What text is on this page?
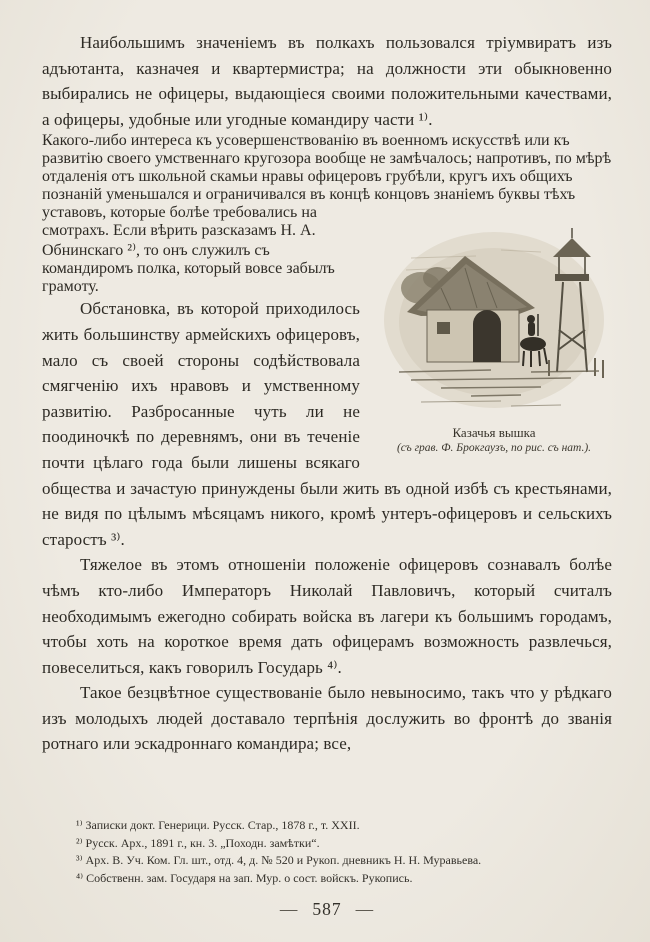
Наибольшимъ значеніемъ въ полкахъ пользовался тріумвиратъ изъ адъютанта, казначея и квартермистра; на должности эти обыкновенно выбирались не офицеры, выдающіеся своими положительными качествами, а офицеры, удобные или угодные командиру части ¹⁾.

Казачья вышка
(съ грав. Ф. Брокгаузъ, по рис. съ нат.).
Какого-либо интереса къ усовершенствованію въ военномъ искусствѣ или къ развитію своего умственнаго кругозора вообще не замѣчалось; напротивъ, по мѣрѣ отдаленія отъ школьной скамьи нравы офицеровъ грубѣли, кругъ ихъ общихъ познаній уменьшался и ограничивался въ концѣ концовъ знаніемъ буквы тѣхъ уставовъ, которые болѣе требовались на смотрахъ. Если вѣрить разсказамъ Н. А. Обнинскаго ²⁾, то онъ служилъ съ командиромъ полка, который вовсе забылъ грамоту.

Обстановка, въ которой приходилось жить большинству армейскихъ офицеровъ, мало съ своей стороны содѣйствовала смягченію ихъ нравовъ и умственному развитію. Разбросанные чуть ли не поодиночкѣ по деревнямъ, они въ теченіе почти цѣлаго года были лишены всякаго общества и зачастую принуждены были жить въ одной избѣ съ крестьянами, не видя по цѣлымъ мѣсяцамъ никого, кромѣ унтеръ-офицеровъ и сельскихъ старостъ ³⁾.

Тяжелое въ этомъ отношеніи положеніе офицеровъ сознавалъ болѣе чѣмъ кто-либо Императоръ Николай Павловичъ, который считалъ необходимымъ ежегодно собирать войска въ лагери къ большимъ городамъ, чтобы хоть на короткое время дать офицерамъ возможность развлечься, повеселиться, какъ говорилъ Государь ⁴⁾.

Такое безцвѣтное существованіе было невыносимо, такъ что у рѣдкаго изъ молодыхъ людей доставало терпѣнія дослужить во фронтѣ до званія ротнаго или эскадроннаго командира; все,

¹⁾ Записки докт. Генерици. Русск. Стар., 1878 г., т. XXII.
²⁾ Русск. Арх., 1891 г., кн. 3. „Походн. замѣтки“.
³⁾ Арх. В. Уч. Ком. Гл. шт., отд. 4, д. № 520 и Рукоп. дневникъ Н. Н. Муравьева.
⁴⁾ Собственн. зам. Государя на зап. Мур. о сост. войскъ. Рукопись.
— 587 —
